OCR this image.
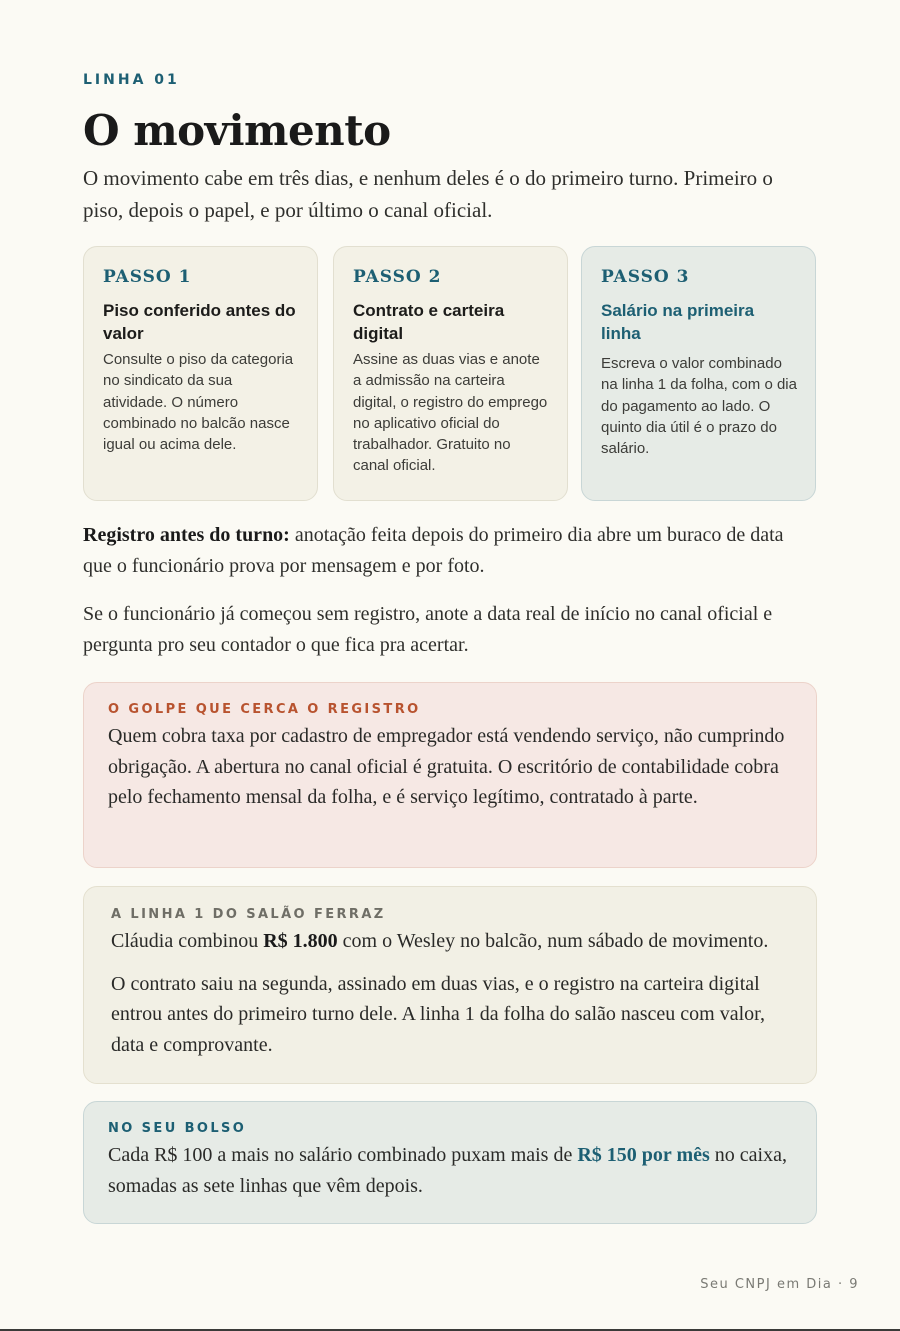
LINHA 01
O movimento

O movimento cabe em três dias, e nenhum deles é o do primeiro turno. Primeiro o piso, depois o papel, e por último o canal oficial.

PASSO 1
Piso conferido antes do valor

Consulte o piso da categoria no sindicato da sua atividade. O número combinado no balcão nasce igual ou acima dele.

PASSO 2
Contrato e carteira digital

Assine as duas vias e anote a admissão na carteira digital, o registro do emprego no aplicativo oficial do trabalhador. Gratuito no canal oficial.

PASSO 3
Salário na primeira linha

Escreva o valor combinado na linha 1 da folha, com o dia do pagamento ao lado. O quinto dia útil é o prazo do salário.

Registro antes do turno: anotação feita depois do primeiro dia abre um buraco de data que o funcionário prova por mensagem e por foto.

Se o funcionário já começou sem registro, anote a data real de início no canal oficial e pergunta pro seu contador o que fica pra acertar.

O GOLPE QUE CERCA O REGISTRO

Quem cobra taxa por cadastro de empregador está vendendo serviço, não cumprindo obrigação. A abertura no canal oficial é gratuita. O escritório de contabilidade cobra pelo fechamento mensal da folha, e é serviço legítimo, contratado à parte.

A LINHA 1 DO SALÃO FERRAZ

Cláudia combinou R$ 1.800 com o Wesley no balcão, num sábado de movimento.

O contrato saiu na segunda, assinado em duas vias, e o registro na carteira digital entrou antes do primeiro turno dele. A linha 1 da folha do salão nasceu com valor, data e comprovante.

NO SEU BOLSO

Cada R$ 100 a mais no salário combinado puxam mais de R$ 150 por mês no caixa, somadas as sete linhas que vêm depois.

Seu CNPJ em Dia · 9
